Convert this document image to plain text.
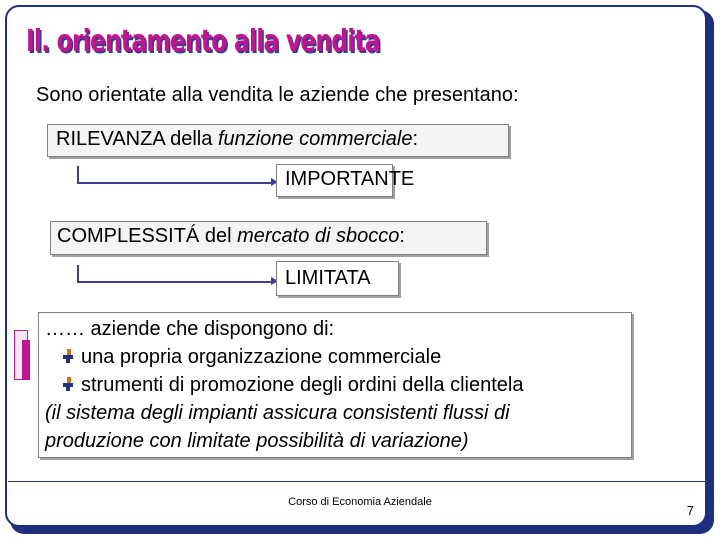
Il. orientamento alla vendita
Sono orientate alla vendita le aziende che presentano:
RILEVANZA della funzione commerciale:
IMPORTANTE
COMPLESSITÁ del mercato di sbocco:
LIMITATA
…… aziende che dispongono di:
una propria organizzazione commerciale
strumenti di promozione degli ordini della clientela
(il sistema degli impianti assicura consistenti flussi di
produzione con limitate possibilità di variazione)
Corso di Economia Aziendale
7
